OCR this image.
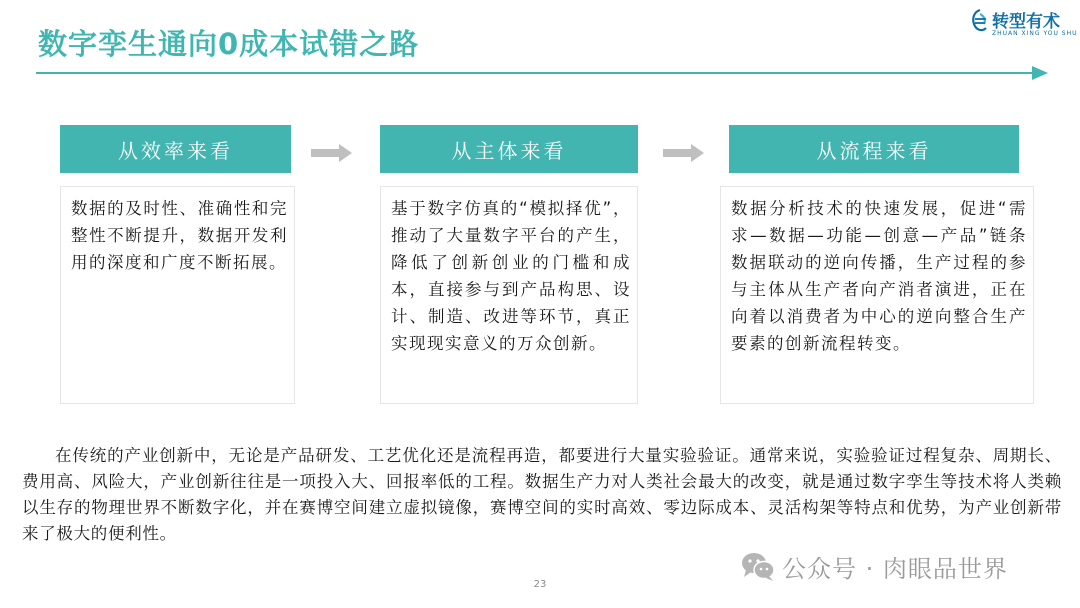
数字孪生通向0成本试错之路
转型有术
ZHUAN XING YOU SHU
从效率来看
数据的及时性、准确性和完整性不断提升，数据开发利用的深度和广度不断拓展。
从主体来看
基于数字仿真的“模拟择优”，推动了大量数字平台的产生，降低了创新创业的门槛和成本，直接参与到产品构思、设计、制造、改进等环节，真正实现现实意义的万众创新。
从流程来看
数据分析技术的快速发展，促进“需求—数据—功能—创意—产品”链条数据联动的逆向传播，生产过程的参与主体从生产者向产消者演进，正在向着以消费者为中心的逆向整合生产要素的创新流程转变。

在传统的产业创新中，无论是产品研发、工艺优化还是流程再造，都要进行大量实验验证。通常来说，实验验证过程复杂、周期长、费用高、风险大，产业创新往往是一项投入大、回报率低的工程。数据生产力对人类社会最大的改变，就是通过数字孪生等技术将人类赖以生存的物理世界不断数字化，并在赛博空间建立虚拟镜像，赛博空间的实时高效、零边际成本、灵活构架等特点和优势，为产业创新带来了极大的便利性。

公众号 · 肉眼品世界
23
